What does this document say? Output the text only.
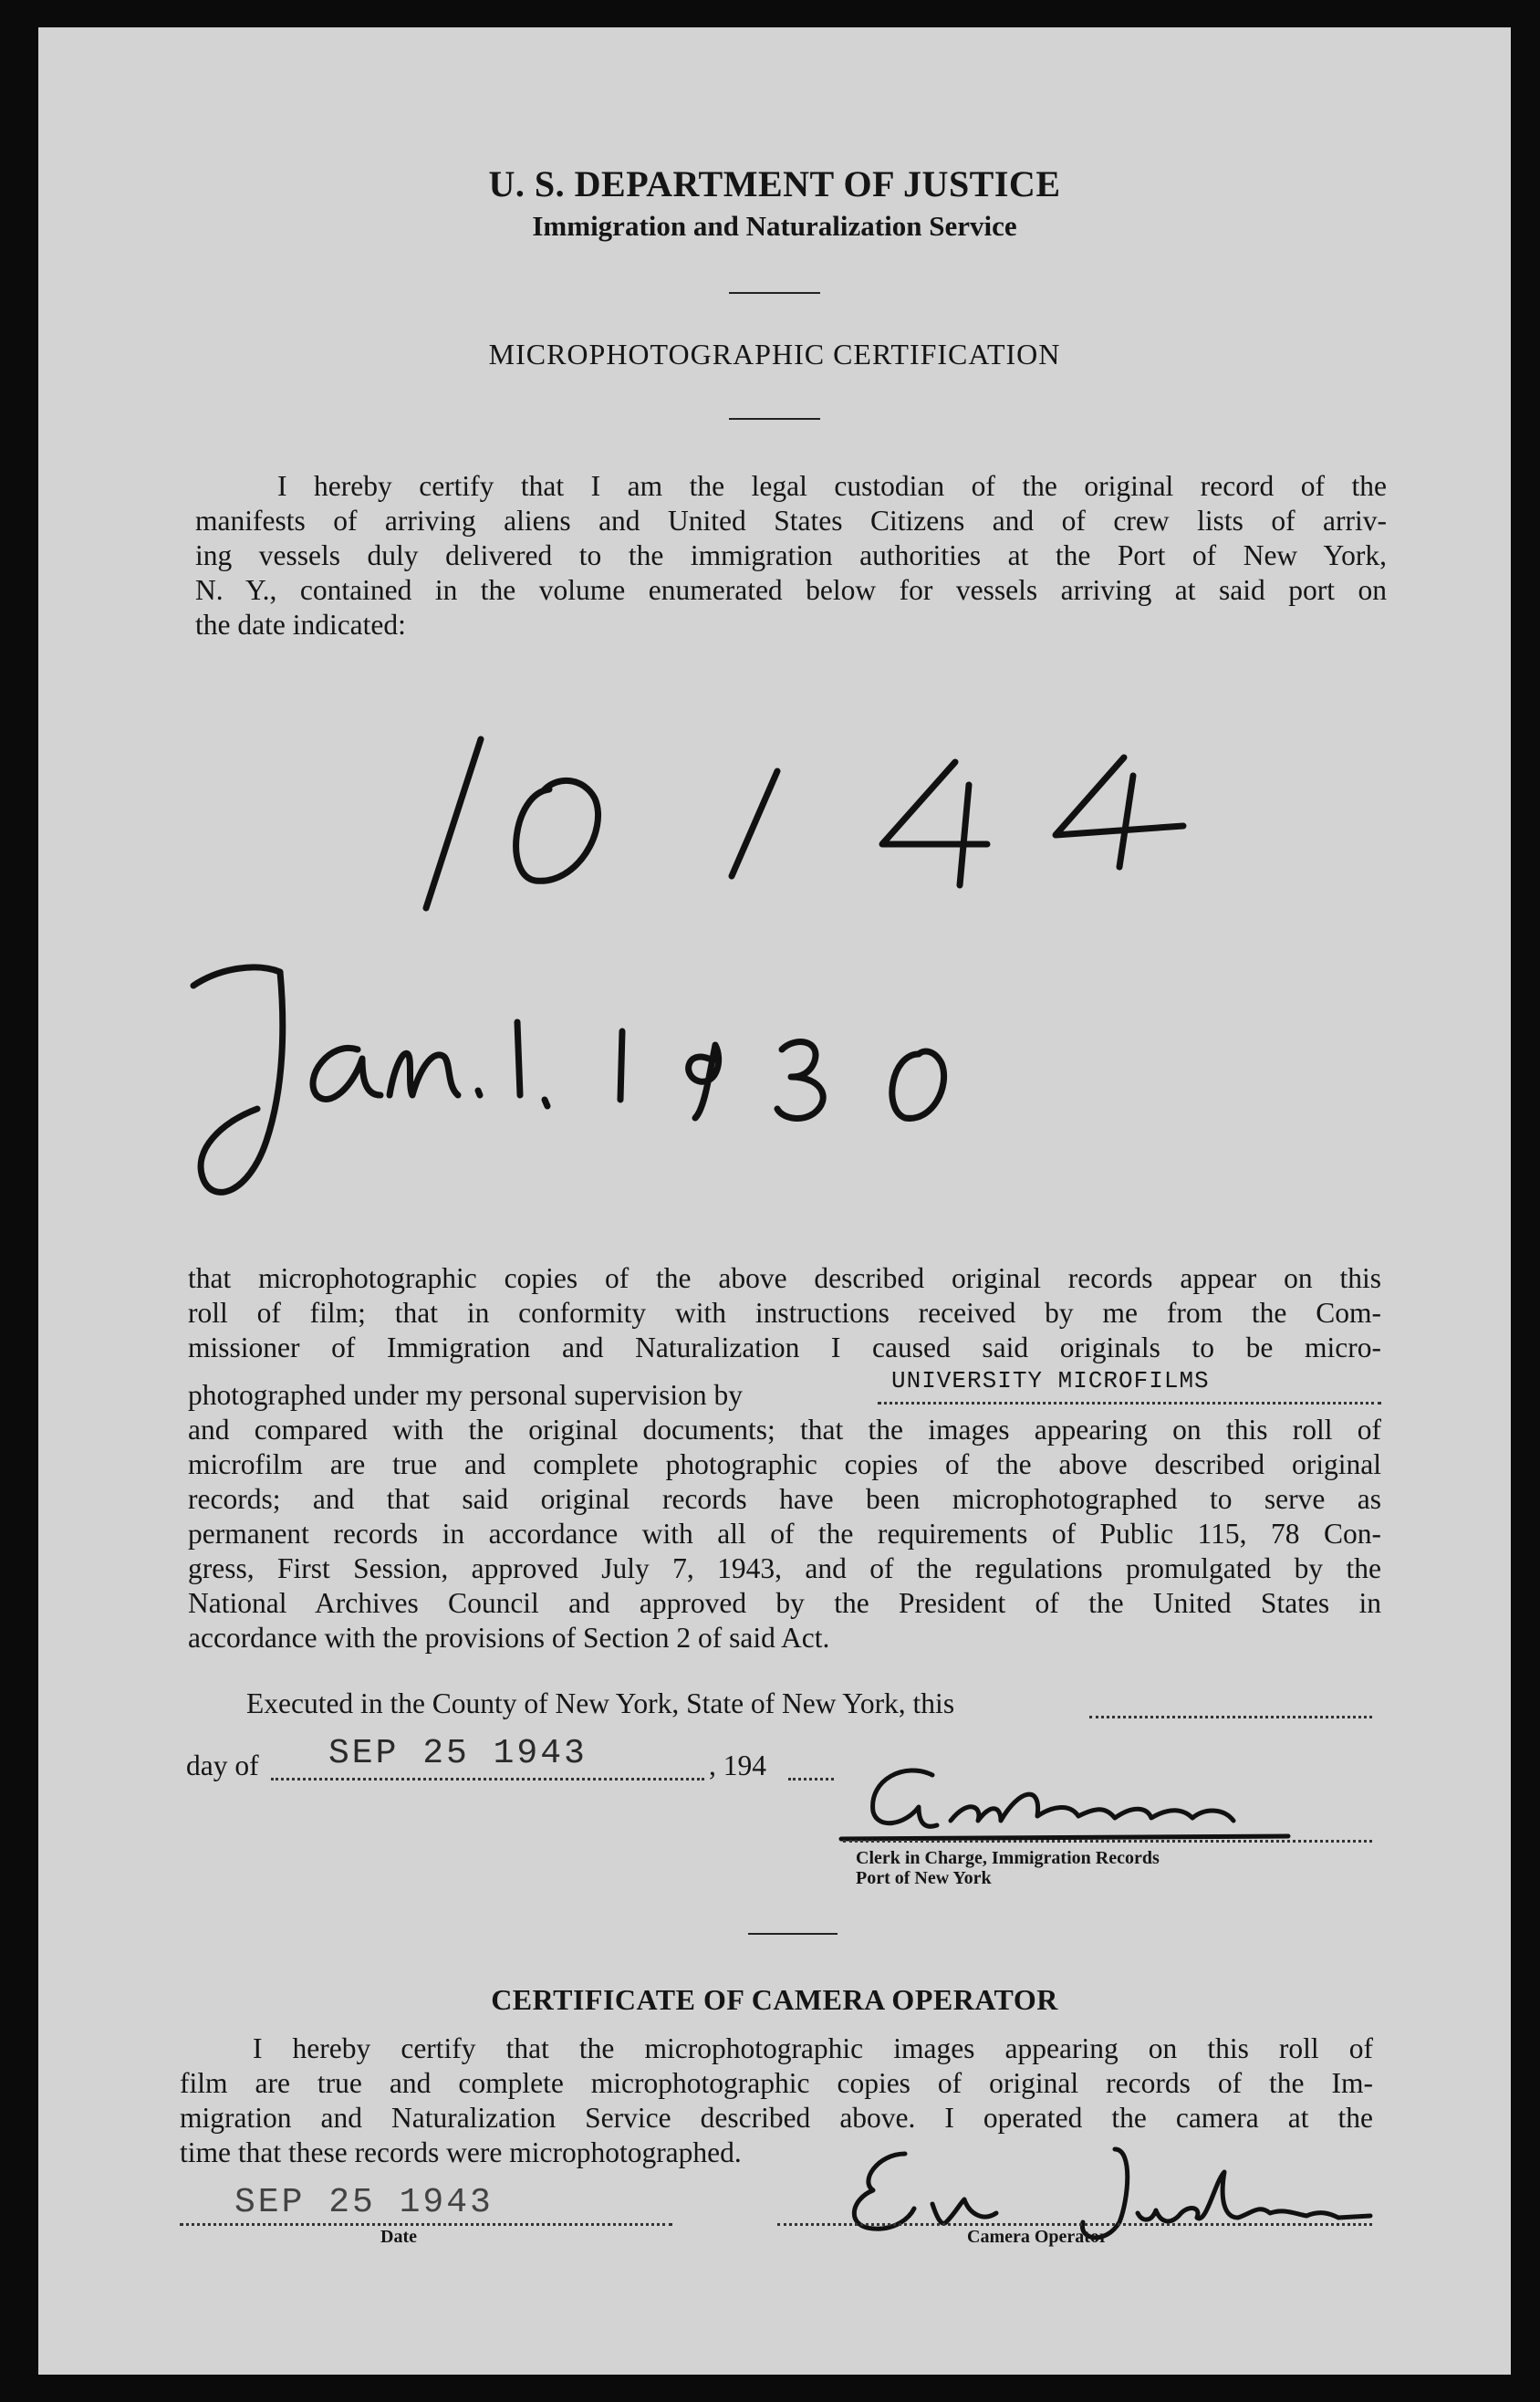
U. S. DEPARTMENT OF JUSTICE
Immigration and Naturalization Service
MICROPHOTOGRAPHIC CERTIFICATION
I hereby certify that I am the legal custodian of the original record of the
manifests of arriving aliens and United States Citizens and of crew lists of arriv-
ing vessels duly delivered to the immigration authorities at the Port of New York,
N. Y., contained in the volume enumerated below for vessels arriving at said port on
the date indicated:
that microphotographic copies of the above described original records appear on this
roll of film; that in conformity with instructions received by me from the Com-
missioner of Immigration and Naturalization I caused said originals to be micro-
photographed under my personal supervision by	UNIVERSITY MICROFILMS
and compared with the original documents; that the images appearing on this roll of
microfilm are true and complete photographic copies of the above described original
records; and that said original records have been microphotographed to serve as
permanent records in accordance with all of the requirements of Public 115, 78 Con-
gress, First Session, approved July 7, 1943, and of the regulations promulgated by the
National Archives Council and approved by the President of the United States in
accordance with the provisions of Section 2 of said Act.
Executed in the County of New York, State of New York, this
day of SEP 25 1943	, 194
Clerk in Charge, Immigration Records
Port of New York
CERTIFICATE OF CAMERA OPERATOR
I hereby certify that the microphotographic images appearing on this roll of
film are true and complete microphotographic copies of original records of the Im-
migration and Naturalization Service described above. I operated the camera at the
time that these records were microphotographed.
SEP 25 1943
Date	Camera Operator
